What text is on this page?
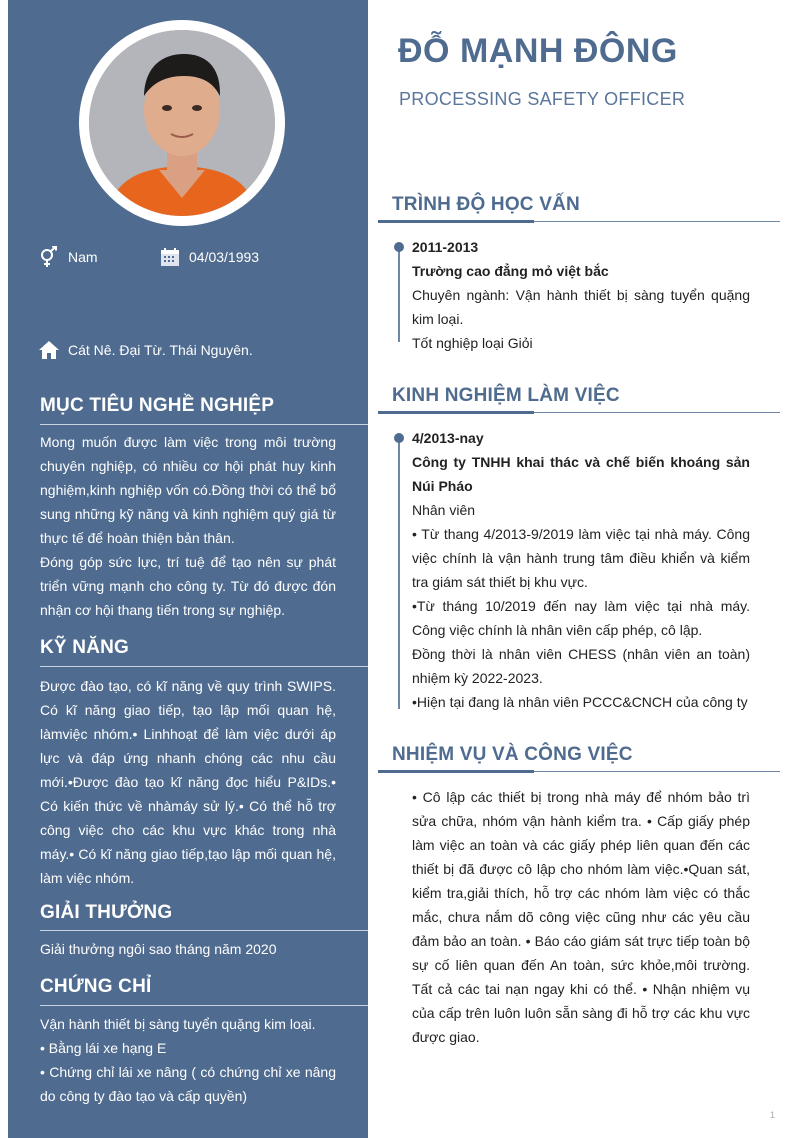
Nam	04/03/1993
Cát Nê. Đại Từ. Thái Nguyên.
MỤC TIÊU NGHỀ NGHIỆP

Mong muốn được làm việc trong môi trường chuyên nghiệp, có nhiều cơ hội phát huy kinh nghiệm,kinh nghiệp vốn có.Đồng thời có thể bổ sung những kỹ năng và kinh nghiệm quý giá từ thực tế để hoàn thiện bản thân.

Đóng góp sức lực, trí tuệ để tạo nên sự phát triển vững mạnh cho công ty. Từ đó được đón nhận cơ hội thang tiến trong sự nghiệp.

KỸ NĂNG
Được đào tạo, có kĩ năng về quy trình SWIPS. Có kĩ năng giao tiếp, tạo lập mối quan hệ, làmviệc nhóm.• Linhhoạt để làm việc dưới áp lực và đáp ứng nhanh chóng các nhu cầu mới.•Được đào tạo kĩ năng đọc hiểu P&IDs.• Có kiến thức về nhàmáy sử lý.• Có thể hỗ trợ công việc cho các khu vực khác trong nhà máy.• Có kĩ năng giao tiếp,tạo lập mối quan hệ, làm việc nhóm.
GIẢI THƯỞNG
Giải thưởng ngôi sao tháng năm 2020
CHỨNG CHỈ

Vận hành thiết bị sàng tuyển quặng kim loại.

• Bằng lái xe hạng E

• Chứng chỉ lái xe nâng ( có chứng chỉ xe nâng do công ty đào tạo và cấp quyền)

ĐỖ MẠNH ĐÔNG
PROCESSING SAFETY OFFICER
TRÌNH ĐỘ HỌC VẤN

2011-2013

Trường cao đẳng mỏ việt bắc

Chuyên ngành: Vận hành thiết bị sàng tuyển quặng kim loại.

Tốt nghiệp loại Giỏi

KINH NGHIỆM LÀM VIỆC

4/2013-nay

Công ty TNHH khai thác và chế biến khoáng sản Núi Pháo

Nhân viên

• Từ thang 4/2013-9/2019 làm việc tại nhà máy. Công việc chính là vận hành trung tâm điều khiển và kiểm tra giám sát thiết bị khu vực.

•Từ tháng 10/2019 đến nay làm việc tại nhà máy. Công việc chính là nhân viên cấp phép, cô lập.

Đồng thời là nhân viên CHESS (nhân viên an toàn) nhiệm kỳ 2022-2023.

•Hiện tại đang là nhân viên PCCC&CNCH của công ty

NHIỆM VỤ VÀ CÔNG VIỆC
• Cô lập các thiết bị trong nhà máy để nhóm bảo trì sửa chữa, nhóm vận hành kiểm tra. • Cấp giấy phép làm việc an toàn và các giấy phép liên quan đến các thiết bị đã được cô lập cho nhóm làm việc.•Quan sát, kiểm tra,giải thích, hỗ trợ các nhóm làm việc có thắc mắc, chưa nắm dõ công việc cũng như các yêu cầu đảm bảo an toàn. • Báo cáo giám sát trực tiếp toàn bộ sự cố liên quan đến An toàn, sức khỏe,môi trường. Tất cả các tai nạn ngay khi có thể. • Nhận nhiệm vụ của cấp trên luôn luôn sẵn sàng đi hỗ trợ các khu vực được giao.
1
